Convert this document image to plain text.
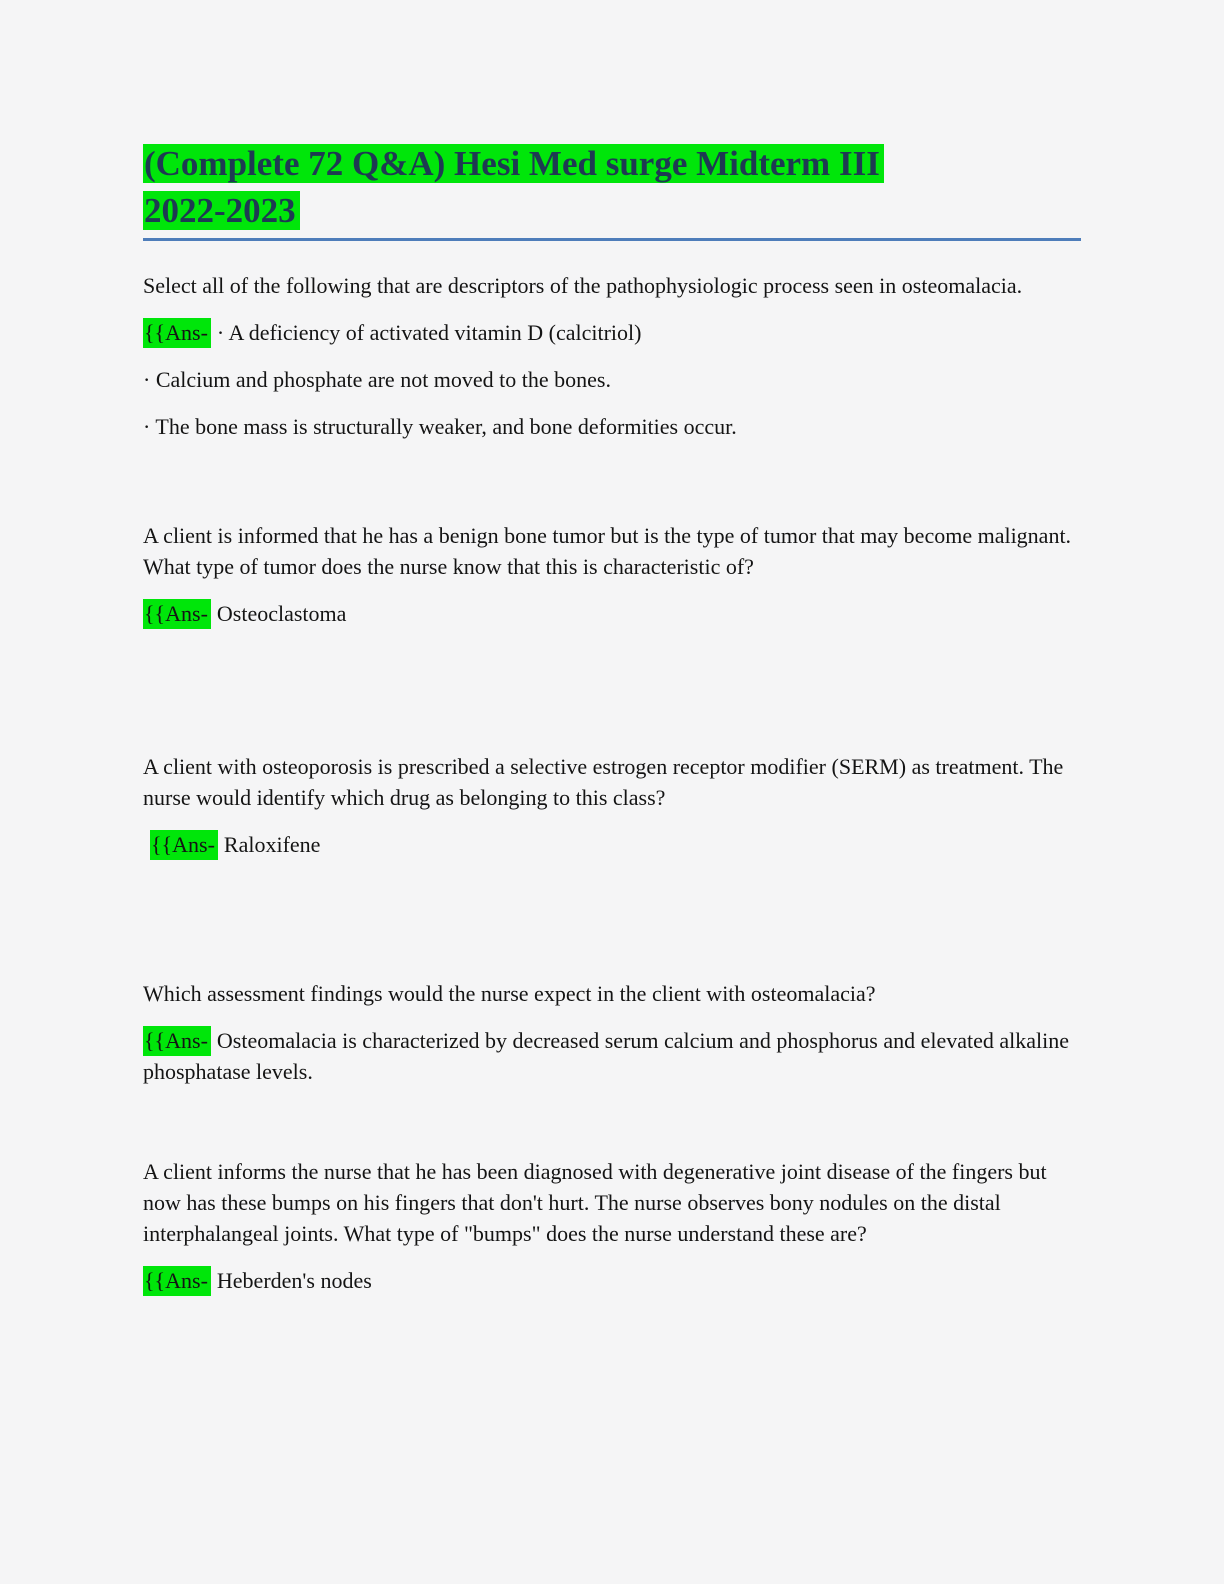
(Complete 72 Q&A) Hesi Med surge Midterm III
2022-2023

Select all of the following that are descriptors of the pathophysiologic process seen in osteomalacia.

{{Ans- · A deficiency of activated vitamin D (calcitriol)

· Calcium and phosphate are not moved to the bones.

· The bone mass is structurally weaker, and bone deformities occur.

A client is informed that he has a benign bone tumor but is the type of tumor that may become malignant. What type of tumor does the nurse know that this is characteristic of?

{{Ans- Osteoclastoma

A client with osteoporosis is prescribed a selective estrogen receptor modifier (SERM) as treatment. The nurse would identify which drug as belonging to this class?

{{Ans- Raloxifene

Which assessment findings would the nurse expect in the client with osteomalacia?

{{Ans- Osteomalacia is characterized by decreased serum calcium and phosphorus and elevated alkaline phosphatase levels.

A client informs the nurse that he has been diagnosed with degenerative joint disease of the fingers but now has these bumps on his fingers that don't hurt. The nurse observes bony nodules on the distal interphalangeal joints. What type of "bumps" does the nurse understand these are?

{{Ans- Heberden's nodes
